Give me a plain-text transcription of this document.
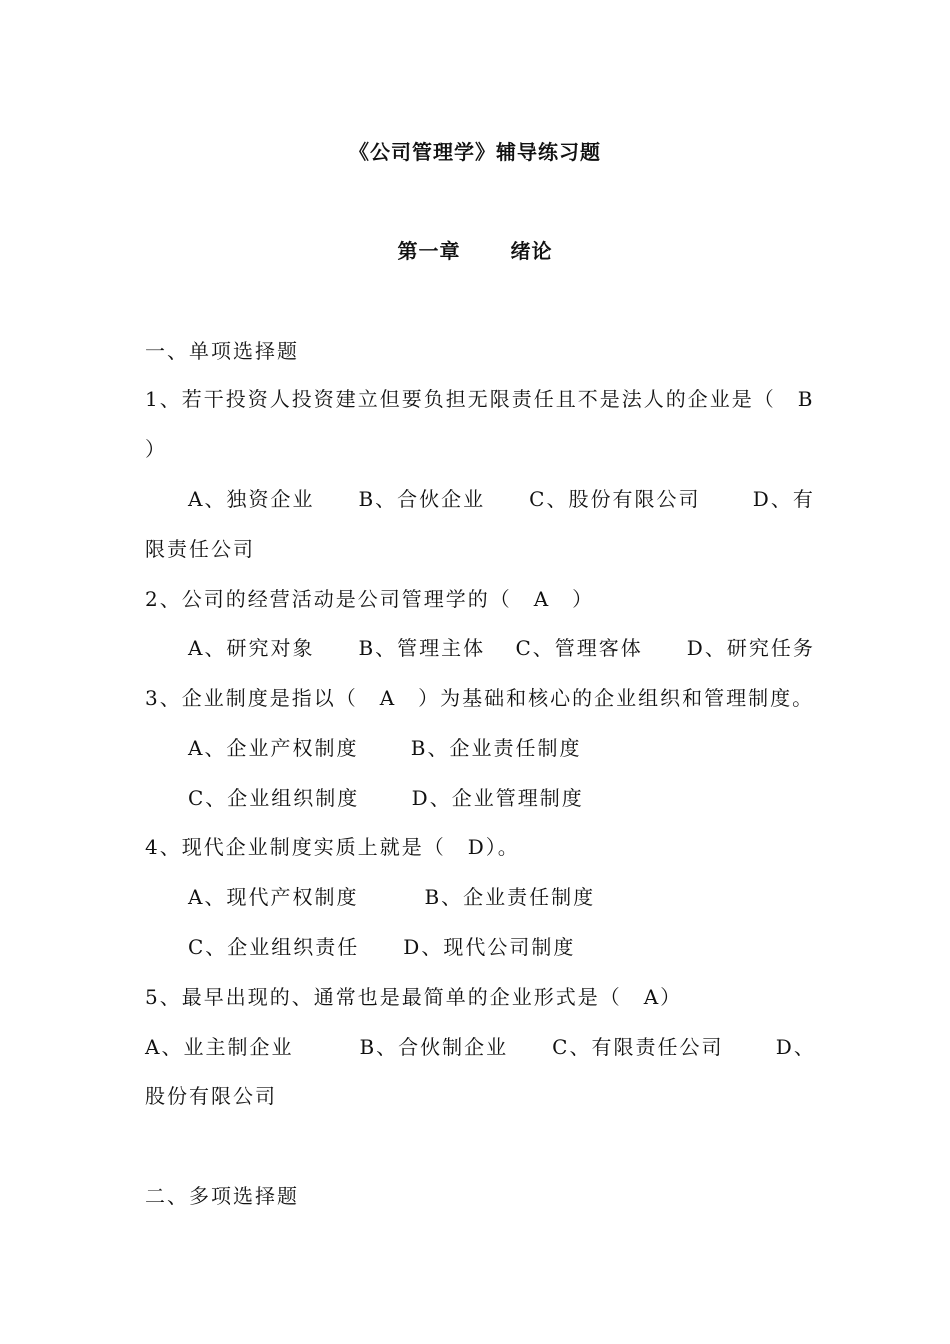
《公司管理学》辅导练习题
第一章　　 绪论
一、单项选择题
1、若干投资人投资建立但要负担无限责任且不是法人的企业是（　B
）
A、独资企业　　B、合伙企业　　C、股份有限公司　　 D、有
限责任公司
2、公司的经营活动是公司管理学的（　A　）
A、研究对象　　B、管理主体　 C、管理客体　　D、研究任务
3、企业制度是指以（　A　）为基础和核心的企业组织和管理制度。
A、企业产权制度　　 B、企业责任制度
C、企业组织制度　　 D、企业管理制度
4、现代企业制度实质上就是（　D）。
A、现代产权制度　　　B、企业责任制度
C、企业组织责任　　D、现代公司制度
5、最早出现的、通常也是最简单的企业形式是（　A）
A、业主制企业　　　B、合伙制企业　　C、有限责任公司　　 D、
股份有限公司
二、多项选择题
